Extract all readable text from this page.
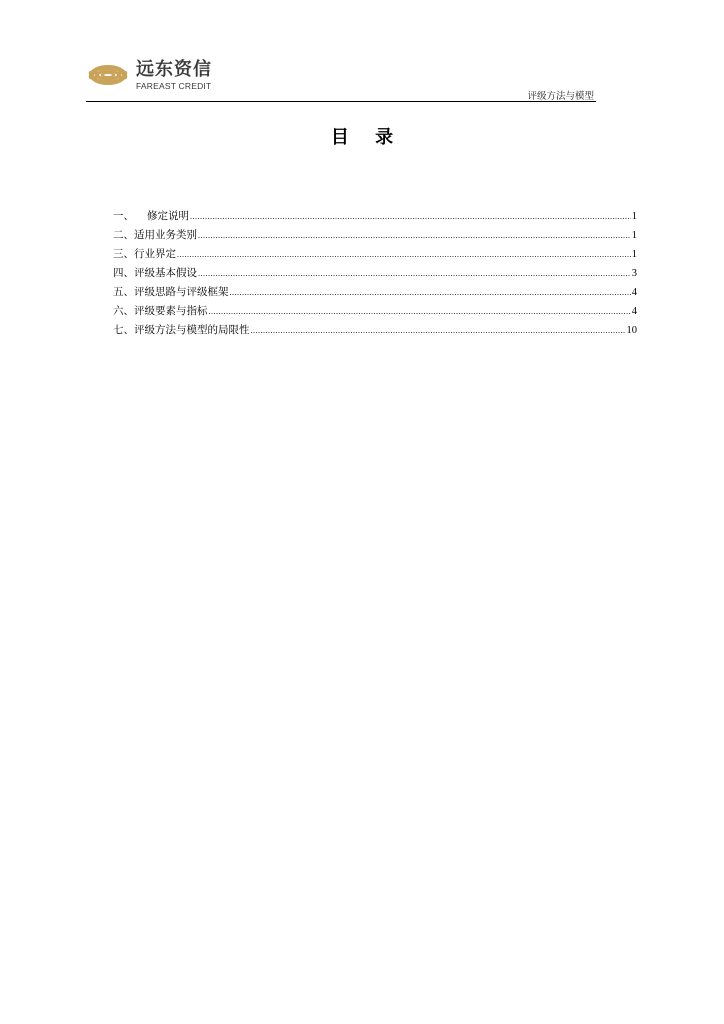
远东资信
FAREAST CREDIT
评级方法与模型
目 录
一、	修定说明 .....	1
二、 适用业务类别 .....	1
三、 行业界定 .....	1
四、 评级基本假设 .....	3
五、 评级思路与评级框架 .....	4
六、 评级要素与指标 .....	4
七、 评级方法与模型的局限性 .....	10
